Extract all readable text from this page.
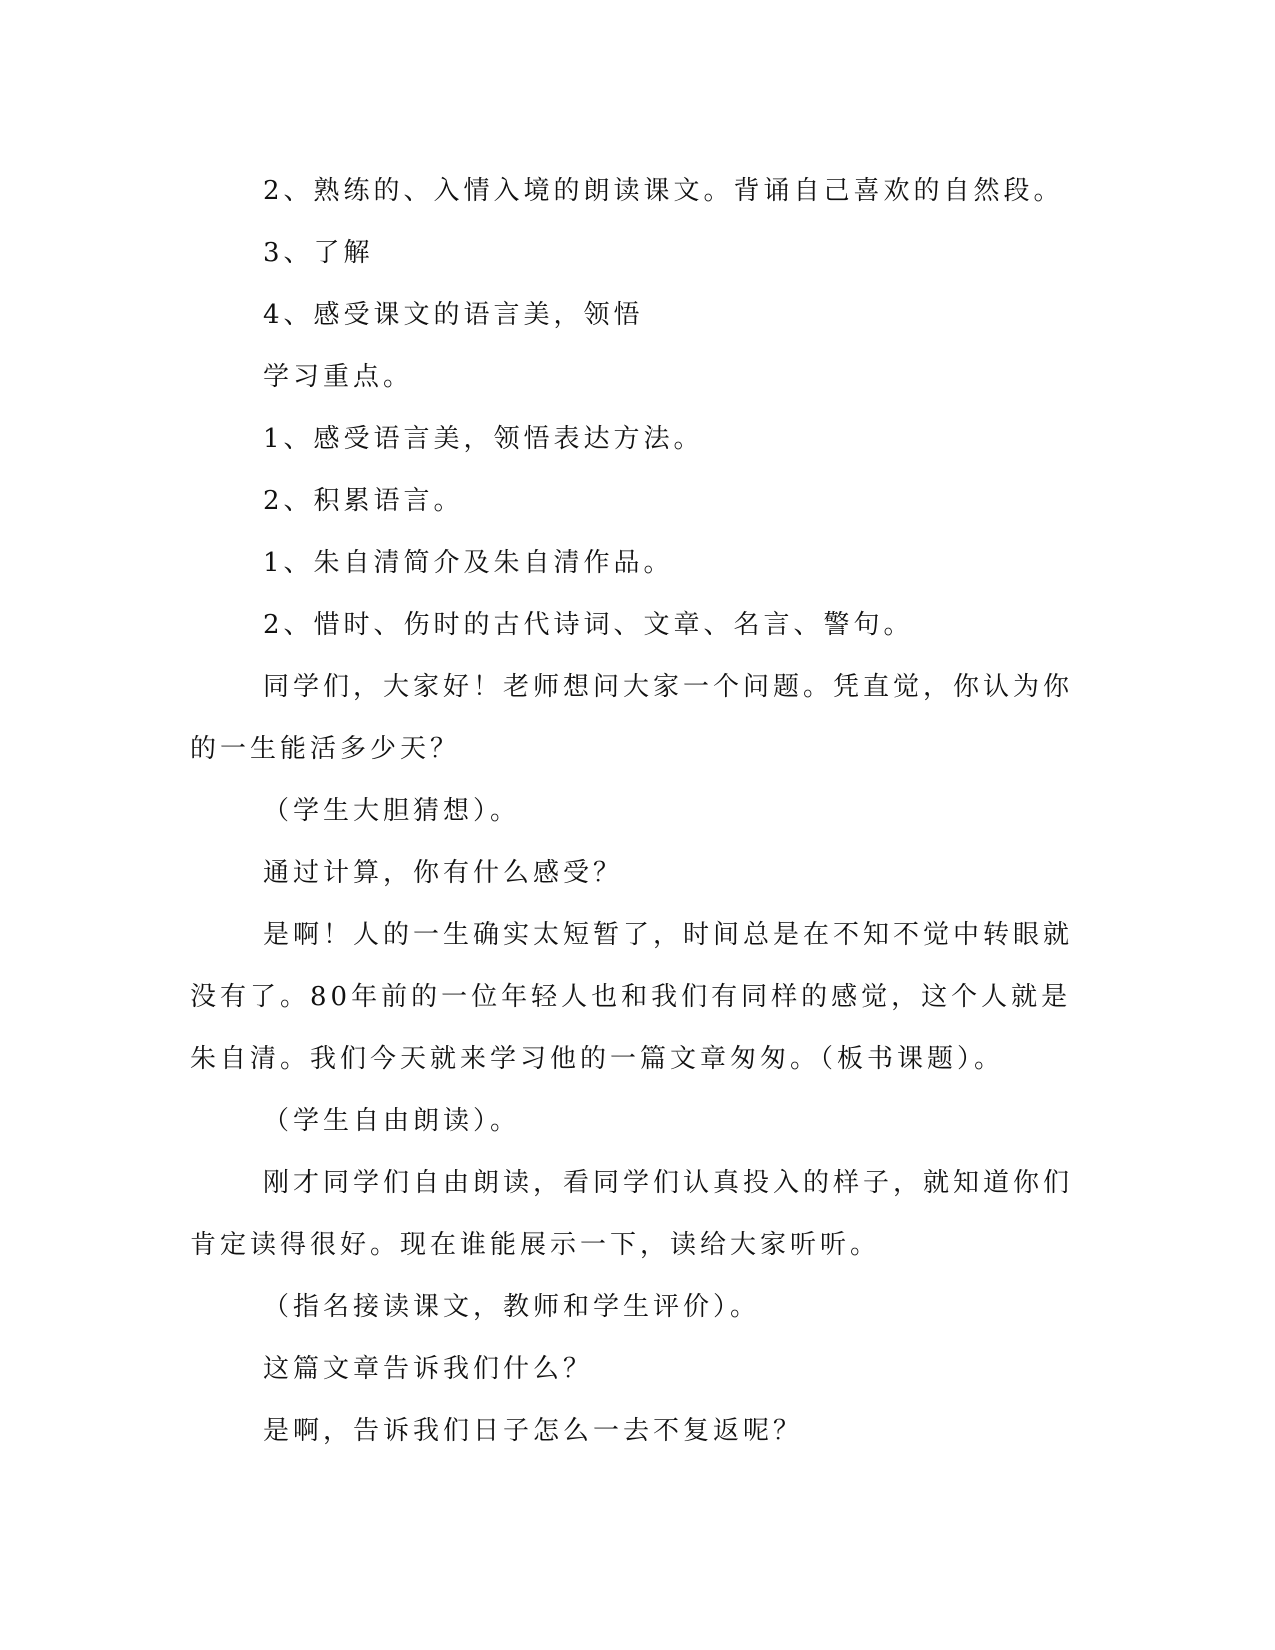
2、熟练的、入情入境的朗读课文。背诵自己喜欢的自然段。

3、了解

4、感受课文的语言美，领悟

学习重点。

1、感受语言美，领悟表达方法。

2、积累语言。

1、朱自清简介及朱自清作品。

2、惜时、伤时的古代诗词、文章、名言、警句。

同学们，大家好！老师想问大家一个问题。凭直觉，你认为你的一生能活多少天？

（学生大胆猜想）。

通过计算，你有什么感受？

是啊！人的一生确实太短暂了，时间总是在不知不觉中转眼就没有了。80年前的一位年轻人也和我们有同样的感觉，这个人就是朱自清。我们今天就来学习他的一篇文章匆匆。（板书课题）。

（学生自由朗读）。

刚才同学们自由朗读，看同学们认真投入的样子，就知道你们肯定读得很好。现在谁能展示一下，读给大家听听。

（指名接读课文，教师和学生评价）。

这篇文章告诉我们什么？

是啊，告诉我们日子怎么一去不复返呢？
